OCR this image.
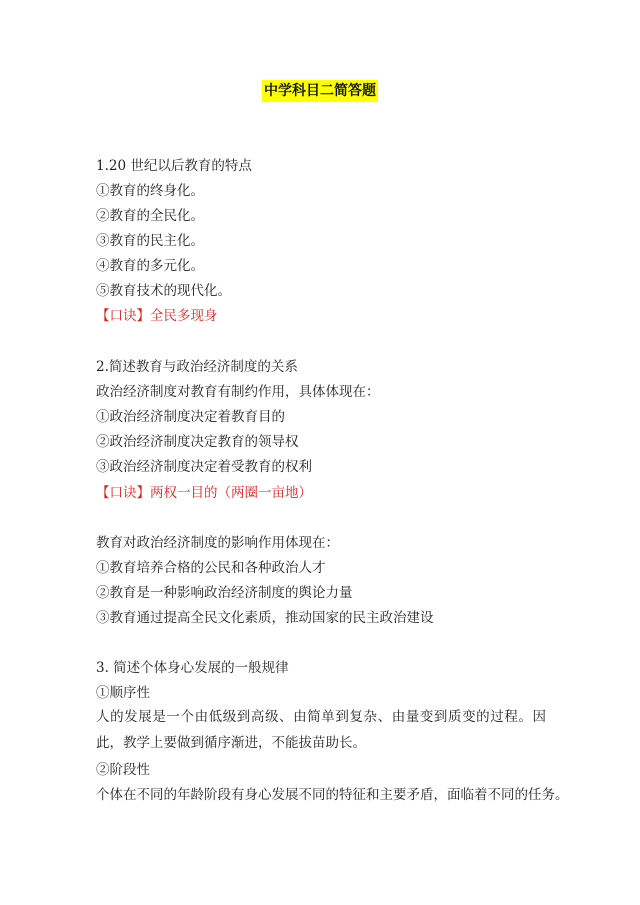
中学科目二简答题
1.20 世纪以后教育的特点
①教育的终身化。
②教育的全民化。
③教育的民主化。
④教育的多元化。
⑤教育技术的现代化。
【口诀】全民多现身
2.简述教育与政治经济制度的关系
政治经济制度对教育有制约作用，具体体现在：
①政治经济制度决定着教育目的
②政治经济制度决定教育的领导权
③政治经济制度决定着受教育的权利
【口诀】两权一目的（两圈一亩地）
教育对政治经济制度的影响作用体现在：
①教育培养合格的公民和各种政治人才
②教育是一种影响政治经济制度的舆论力量
③教育通过提高全民文化素质，推动国家的民主政治建设
3. 简述个体身心发展的一般规律
①顺序性
人的发展是一个由低级到高级、由简单到复杂、由量变到质变的过程。因此，教学上要做到循序渐进，不能拔苗助长。
②阶段性
个体在不同的年龄阶段有身心发展不同的特征和主要矛盾，面临着不同的任务。
